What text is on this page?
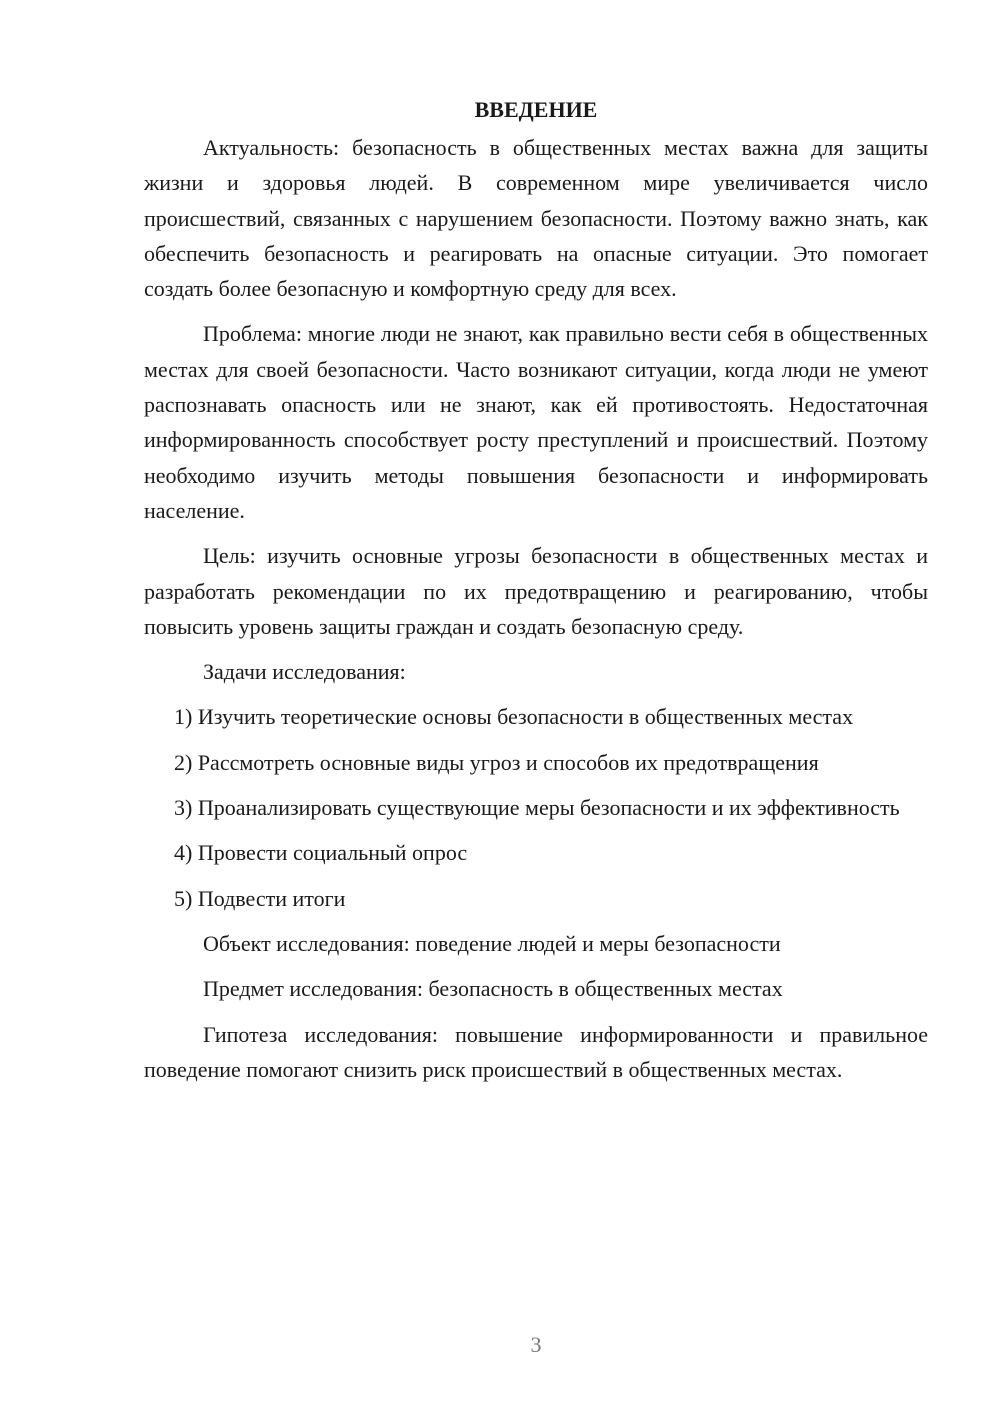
ВВЕДЕНИЕ

Актуальность: безопасность в общественных местах важна для защиты жизни и здоровья людей. В современном мире увеличивается число происшествий, связанных с нарушением безопасности. Поэтому важно знать, как обеспечить безопасность и реагировать на опасные ситуации. Это помогает создать более безопасную и комфортную среду для всех.

Проблема: многие люди не знают, как правильно вести себя в общественных местах для своей безопасности. Часто возникают ситуации, когда люди не умеют распознавать опасность или не знают, как ей противостоять. Недостаточная информированность способствует росту преступлений и происшествий. Поэтому необходимо изучить методы повышения безопасности и информировать население.

Цель: изучить основные угрозы безопасности в общественных местах и разработать рекомендации по их предотвращению и реагированию, чтобы повысить уровень защиты граждан и создать безопасную среду.

Задачи исследования:

1) Изучить теоретические основы безопасности в общественных местах

2) Рассмотреть основные виды угроз и способов их предотвращения

3) Проанализировать существующие меры безопасности и их эффективность

4) Провести социальный опрос

5) Подвести итоги

Объект исследования: поведение людей и меры безопасности

Предмет исследования: безопасность в общественных местах

Гипотеза исследования: повышение информированности и правильное поведение помогают снизить риск происшествий в общественных местах.

3
